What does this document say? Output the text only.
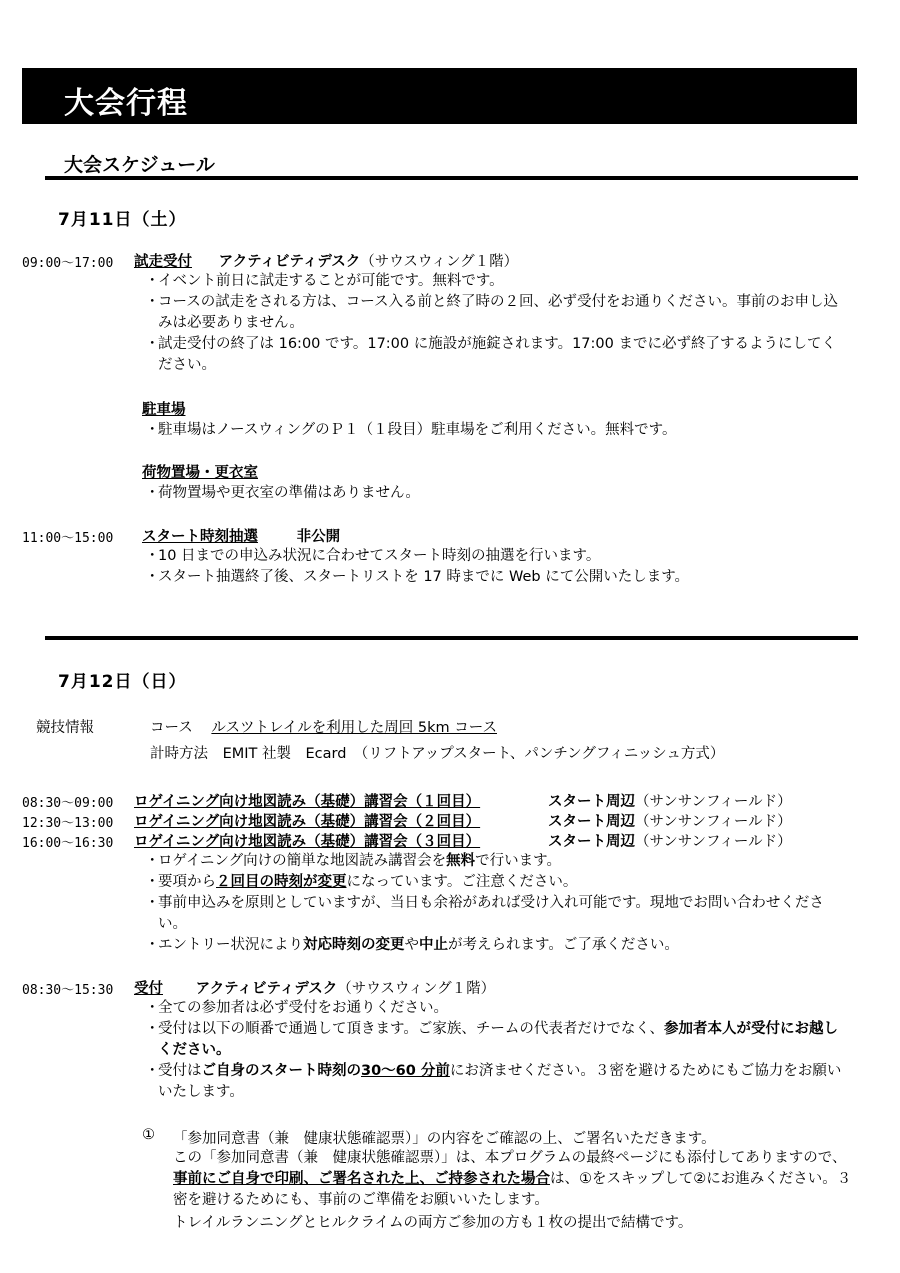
大会行程
大会スケジュール
7月11日（土）
09:00～17:00 試走受付 アクティビティデスク（サウスウィング１階）
・
イベント前日に試走することが可能です。無料です。
・
コースの試走をされる方は、コース入る前と終了時の２回、必ず受付をお通りください。事前のお申し込みは必要ありません。
・
試走受付の終了は 16:00 です。17:00 に施設が施錠されます。17:00 までに必ず終了するようにしてください。
駐車場
・
駐車場はノースウィングのＰ１（１段目）駐車場をご利用ください。無料です。
荷物置場・更衣室
・
荷物置場や更衣室の準備はありません。
11:00～15:00 スタート時刻抽選	非公開
・
10 日までの申込み状況に合わせてスタート時刻の抽選を行います。
・
スタート抽選終了後、スタートリストを 17 時までに Web にて公開いたします。
7月12日（日）
競技情報	コース ルスツトレイルを利用した周回 5km コース
計時方法 EMIT 社製　Ecard　（リフトアップスタート、パンチングフィニッシュ方式）
08:30～09:00 ロゲイニング向け地図読み（基礎）講習会（１回目）	スタート周辺（サンサンフィールド）
12:30～13:00 ロゲイニング向け地図読み（基礎）講習会（２回目）	スタート周辺（サンサンフィールド）
16:00～16:30 ロゲイニング向け地図読み（基礎）講習会（３回目）	スタート周辺（サンサンフィールド）
・
ロゲイニング向けの簡単な地図読み講習会を無料で行います。
・
要項から２回目の時刻が変更になっています。ご注意ください。
・
事前申込みを原則としていますが、当日も余裕があれば受け入れ可能です。現地でお問い合わせください。
・
エントリー状況により対応時刻の変更や中止が考えられます。ご了承ください。
08:30～15:30 受付 アクティビティデスク（サウスウィング１階）
・
全ての参加者は必ず受付をお通りください。
・
受付は以下の順番で通過して頂きます。ご家族、チームの代表者だけでなく、参加者本人が受付にお越しください。
・
受付はご自身のスタート時刻の30～60 分前にお済ませください。３密を避けるためにもご協力をお願いいたします。
① 「参加同意書（兼　健康状態確認票）」の内容をご確認の上、ご署名いただきます。
この「参加同意書（兼　健康状態確認票）」は、本プログラムの最終ページにも添付してありますので、事前にご自身で印刷、ご署名された上、ご持参された場合は、①をスキップして②にお進みください。３密を避けるためにも、事前のご準備をお願いいたします。
トレイルランニングとヒルクライムの両方ご参加の方も１枚の提出で結構です。
